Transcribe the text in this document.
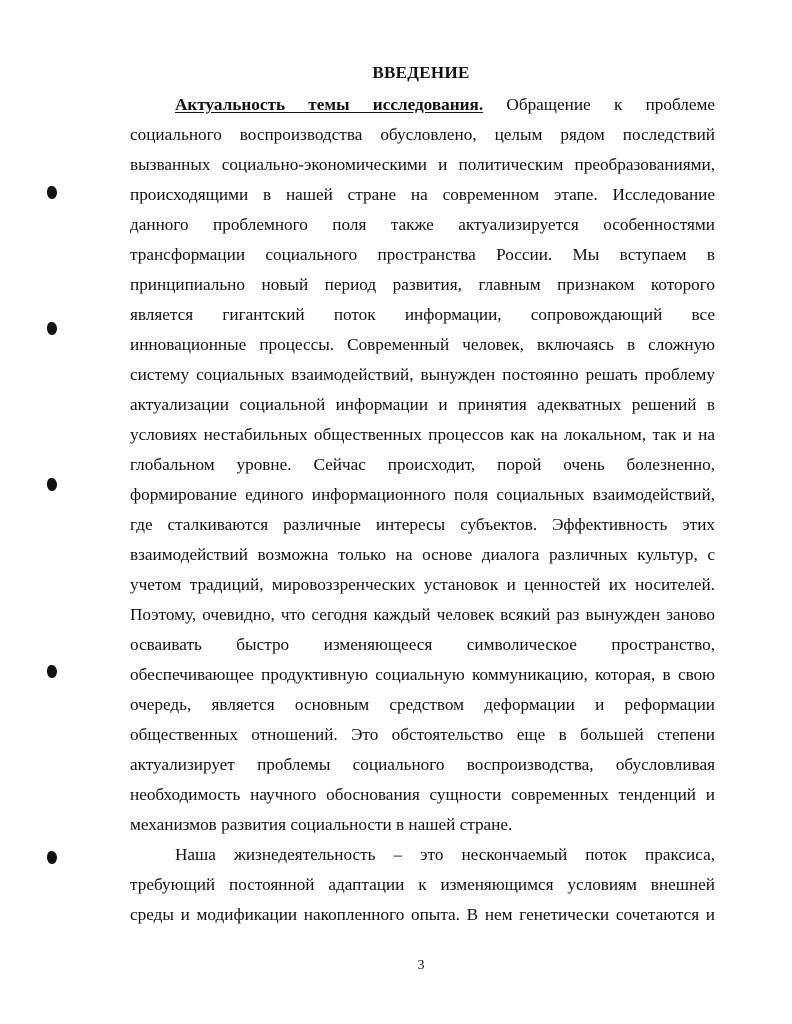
ВВЕДЕНИЕ
Актуальность темы исследования. Обращение к проблеме
социального воспроизводства обусловлено, целым рядом последствий
вызванных социально-экономическими и политическим преобразованиями,
происходящими в нашей стране на современном этапе. Исследование
данного проблемного поля также актуализируется особенностями
трансформации социального пространства России. Мы вступаем в
принципиально новый период развития, главным признаком которого
является гигантский поток информации, сопровождающий все
инновационные процессы. Современный человек, включаясь в сложную
систему социальных взаимодействий, вынужден постоянно решать проблему
актуализации социальной информации и принятия адекватных решений в
условиях нестабильных общественных процессов как на локальном, так и на
глобальном уровне. Сейчас происходит, порой очень болезненно,
формирование единого информационного поля социальных взаимодействий,
где сталкиваются различные интересы субъектов. Эффективность этих
взаимодействий возможна только на основе диалога различных культур, с
учетом традиций, мировоззренческих установок и ценностей их носителей.
Поэтому, очевидно, что сегодня каждый человек всякий раз вынужден заново
осваивать быстро изменяющееся символическое пространство,
обеспечивающее продуктивную социальную коммуникацию, которая, в свою
очередь, является основным средством деформации и реформации
общественных отношений. Это обстоятельство еще в большей степени
актуализирует проблемы социального воспроизводства, обусловливая
необходимость научного обоснования сущности современных тенденций и
механизмов развития социальности в нашей стране.
Наша жизнедеятельность – это нескончаемый поток праксиса,
требующий постоянной адаптации к изменяющимся условиям внешней
среды и модификации накопленного опыта. В нем генетически сочетаются и
3
